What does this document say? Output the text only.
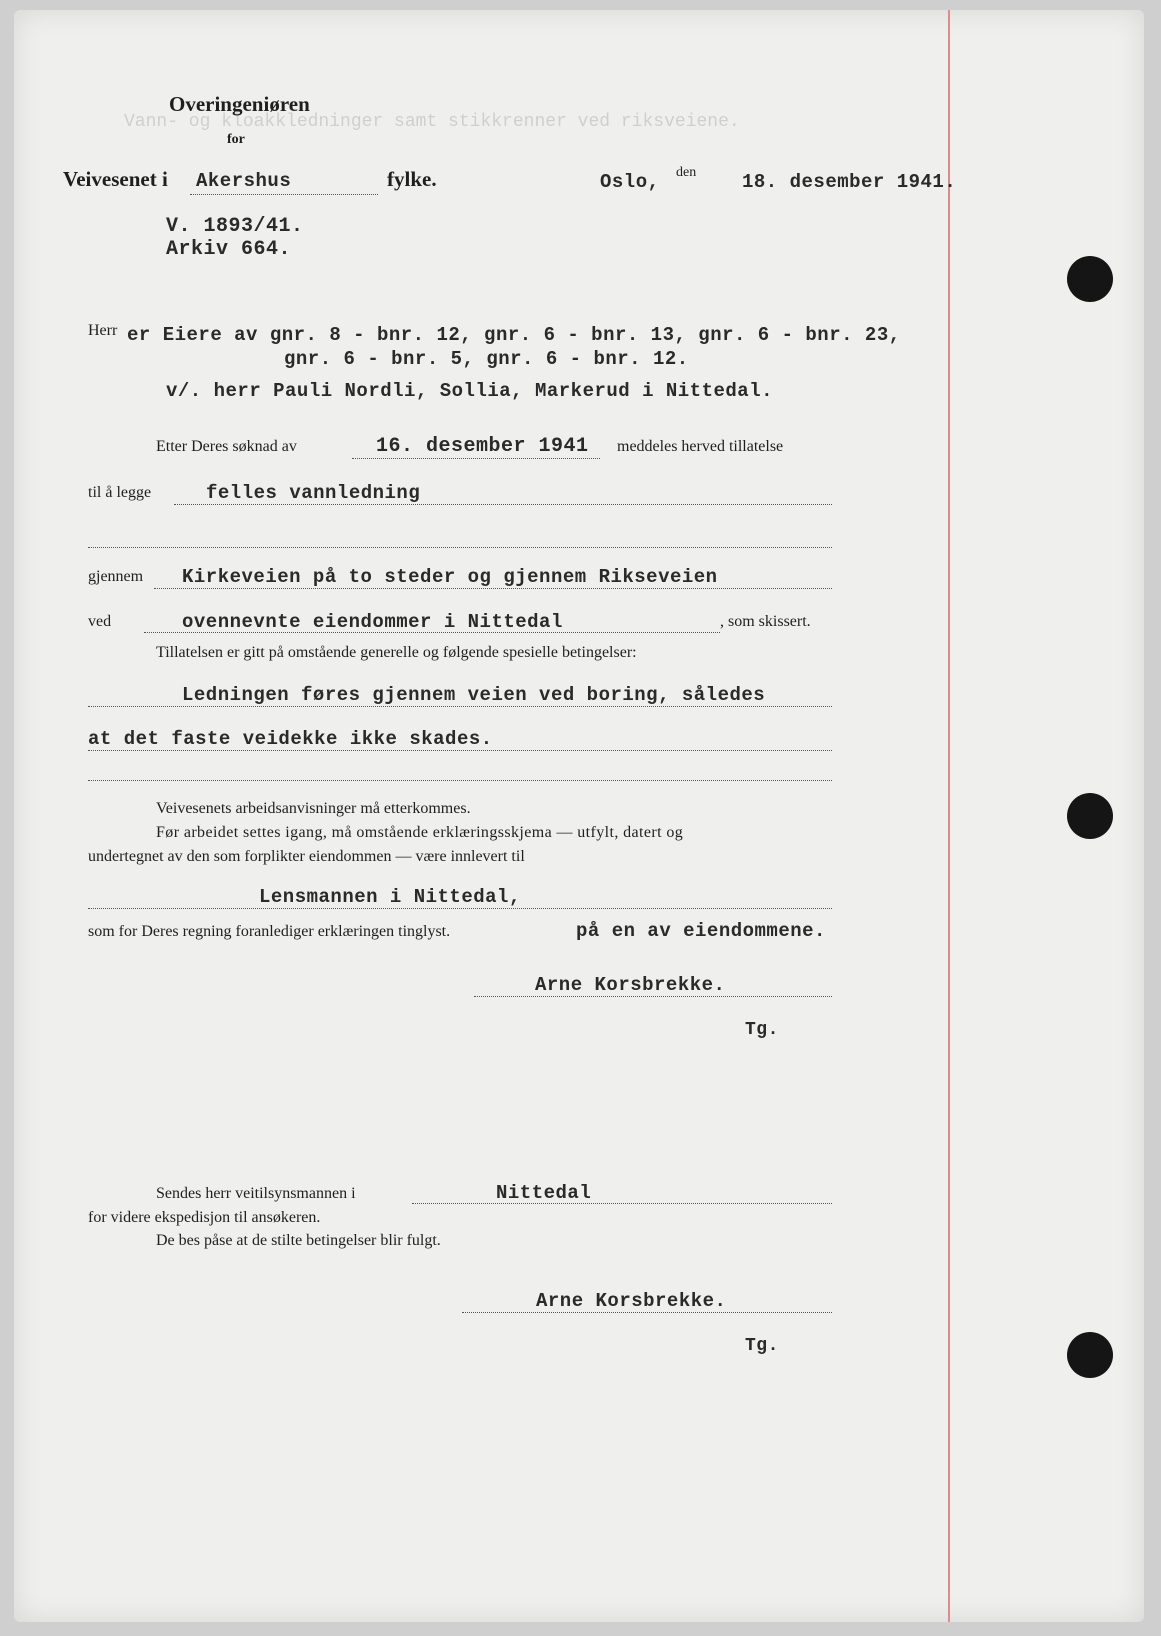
Vann- og kloakkledninger samt stikkrenner ved riksveiene.
Overingeniøren
for
Veivesenet i Akershus	fylke.	Oslo, den 18. desember 1941.
V. 1893/41.
Arkiv 664.
Herr er Eiere av gnr. 8 - bnr. 12, gnr. 6 - bnr. 13, gnr. 6 - bnr. 23,
gnr. 6 - bnr. 5, gnr. 6 - bnr. 12.
v/. herr Pauli Nordli, Sollia, Markerud i Nittedal.
Etter Deres søknad av	16. desember 1941 meddeles herved tillatelse
til å legge	felles vannledning
gjennem Kirkeveien på to steder og gjennem Rikseveien
ved	ovennevnte eiendommer i Nittedal	, som skissert.
Tillatelsen er gitt på omstående generelle og følgende spesielle betingelser:
Ledningen føres gjennem veien ved boring, således
at det faste veidekke ikke skades.
Veivesenets arbeidsanvisninger må etterkommes.
Før arbeidet settes igang, må omstående erklæringsskjema — utfylt, datert og
undertegnet av den som forplikter eiendommen — være innlevert til
Lensmannen i Nittedal,
som for Deres regning foranlediger erklæringen tinglyst.	på en av eiendommene.
Arne Korsbrekke.
Tg.
Sendes herr veitilsynsmannen i	Nittedal
for videre ekspedisjon til ansøkeren.
De bes påse at de stilte betingelser blir fulgt.
Arne Korsbrekke.
Tg.
